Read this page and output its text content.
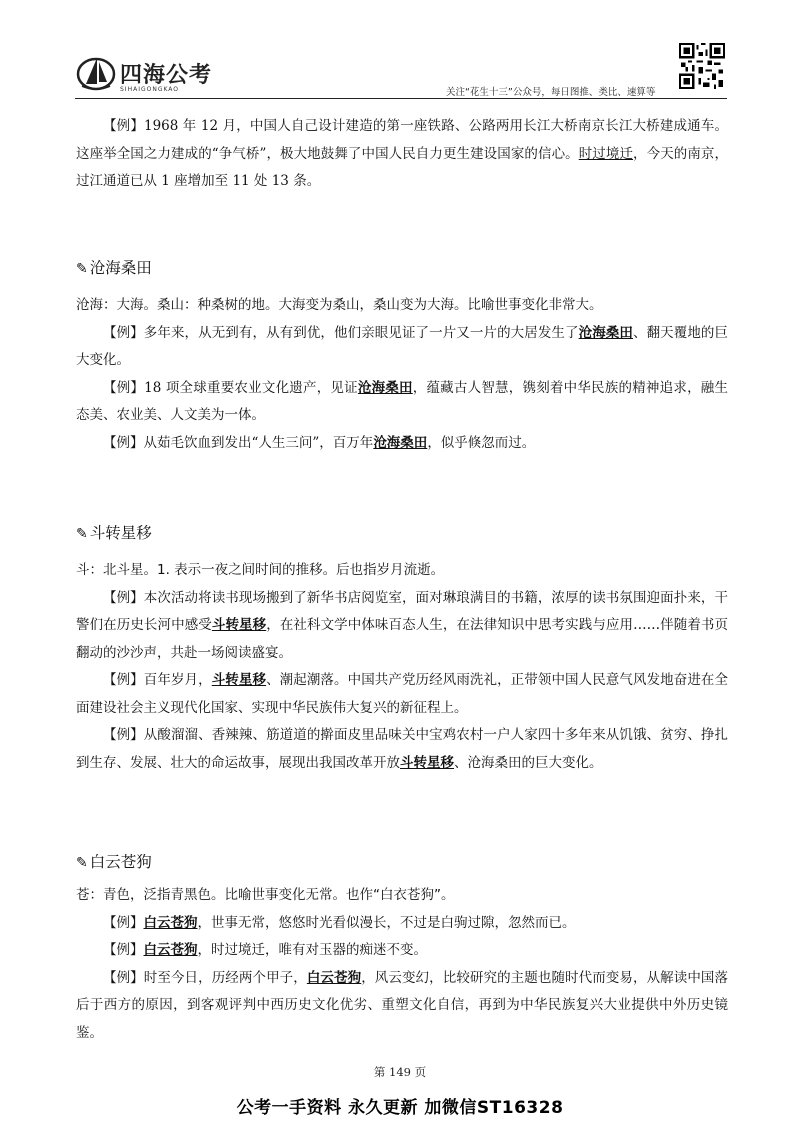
四海公考
SIHAIGONGKAO	关注“花生十三”公众号，每日图推、类比、速算等

【例】1968 年 12 月，中国人自己设计建造的第一座铁路、公路两用长江大桥南京长江大桥建成通车。这座举全国之力建成的“争气桥”，极大地鼓舞了中国人民自力更生建设国家的信心。时过境迁，今天的南京，过江通道已从 1 座增加至 11 处 13 条。

✎ 沧海桑田

沧海：大海。桑山：种桑树的地。大海变为桑山，桑山变为大海。比喻世事变化非常大。

【例】多年来，从无到有，从有到优，他们亲眼见证了一片又一片的大居发生了沧海桑田、翻天覆地的巨大变化。

【例】18 项全球重要农业文化遗产，见证沧海桑田，蕴藏古人智慧，镌刻着中华民族的精神追求，融生态美、农业美、人文美为一体。

【例】从茹毛饮血到发出“人生三问”，百万年沧海桑田，似乎倏忽而过。

✎ 斗转星移

斗：北斗星。1. 表示一夜之间时间的推移。后也指岁月流逝。

【例】本次活动将读书现场搬到了新华书店阅览室，面对琳琅满目的书籍，浓厚的读书氛围迎面扑来，干警们在历史长河中感受斗转星移，在社科文学中体味百态人生，在法律知识中思考实践与应用……伴随着书页翻动的沙沙声，共赴一场阅读盛宴。

【例】百年岁月，斗转星移、潮起潮落。中国共产党历经风雨洗礼，正带领中国人民意气风发地奋进在全面建设社会主义现代化国家、实现中华民族伟大复兴的新征程上。

【例】从酸溜溜、香辣辣、筋道道的擀面皮里品味关中宝鸡农村一户人家四十多年来从饥饿、贫穷、挣扎到生存、发展、壮大的命运故事，展现出我国改革开放斗转星移、沧海桑田的巨大变化。

✎ 白云苍狗

苍：青色，泛指青黑色。比喻世事变化无常。也作“白衣苍狗”。

【例】白云苍狗，世事无常，悠悠时光看似漫长，不过是白驹过隙，忽然而已。

【例】白云苍狗，时过境迁，唯有对玉器的痴迷不变。

【例】时至今日，历经两个甲子，白云苍狗，风云变幻，比较研究的主题也随时代而变易，从解读中国落后于西方的原因，到客观评判中西历史文化优劣、重塑文化自信，再到为中华民族复兴大业提供中外历史镜鉴。

第 149 页
公考一手资料 永久更新 加微信ST16328
